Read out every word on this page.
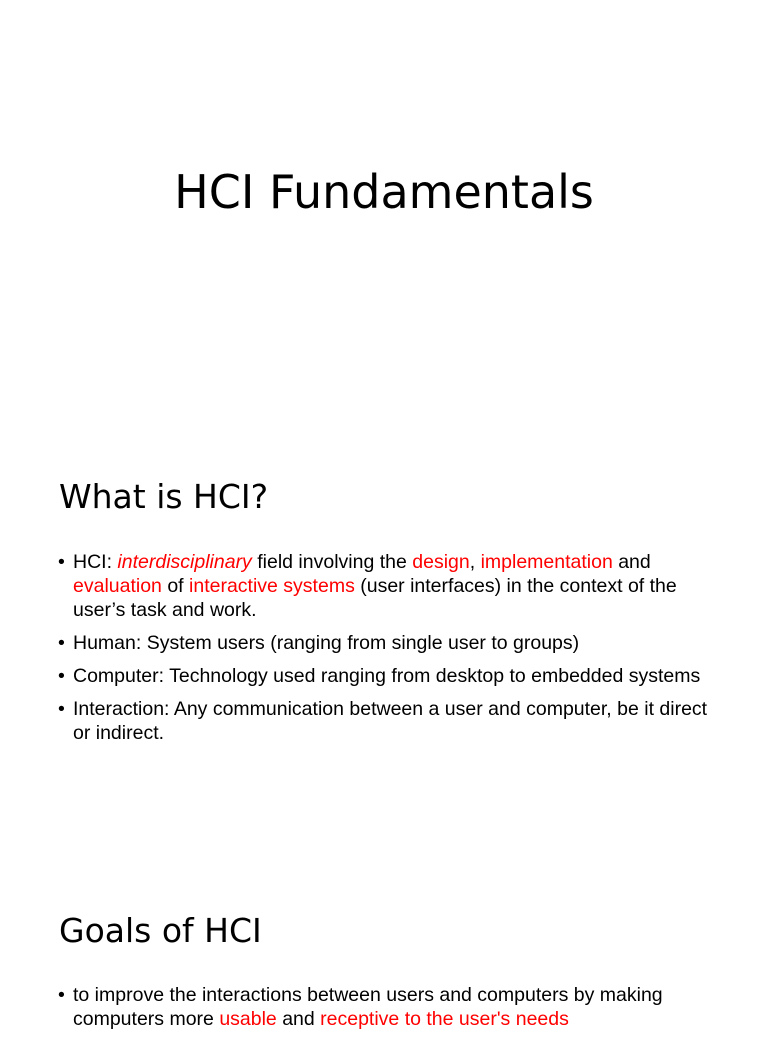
HCI Fundamentals
What is HCI?
• HCI: interdisciplinary field involving the design, implementation and evaluation of interactive systems (user interfaces) in the context of the user’s task and work.
• Human: System users (ranging from single user to groups)
• Computer: Technology used ranging from desktop to embedded systems
• Interaction: Any communication between a user and computer, be it direct or indirect.
Goals of HCI
• to improve the interactions between users and computers by making computers more usable and receptive to the user's needs
